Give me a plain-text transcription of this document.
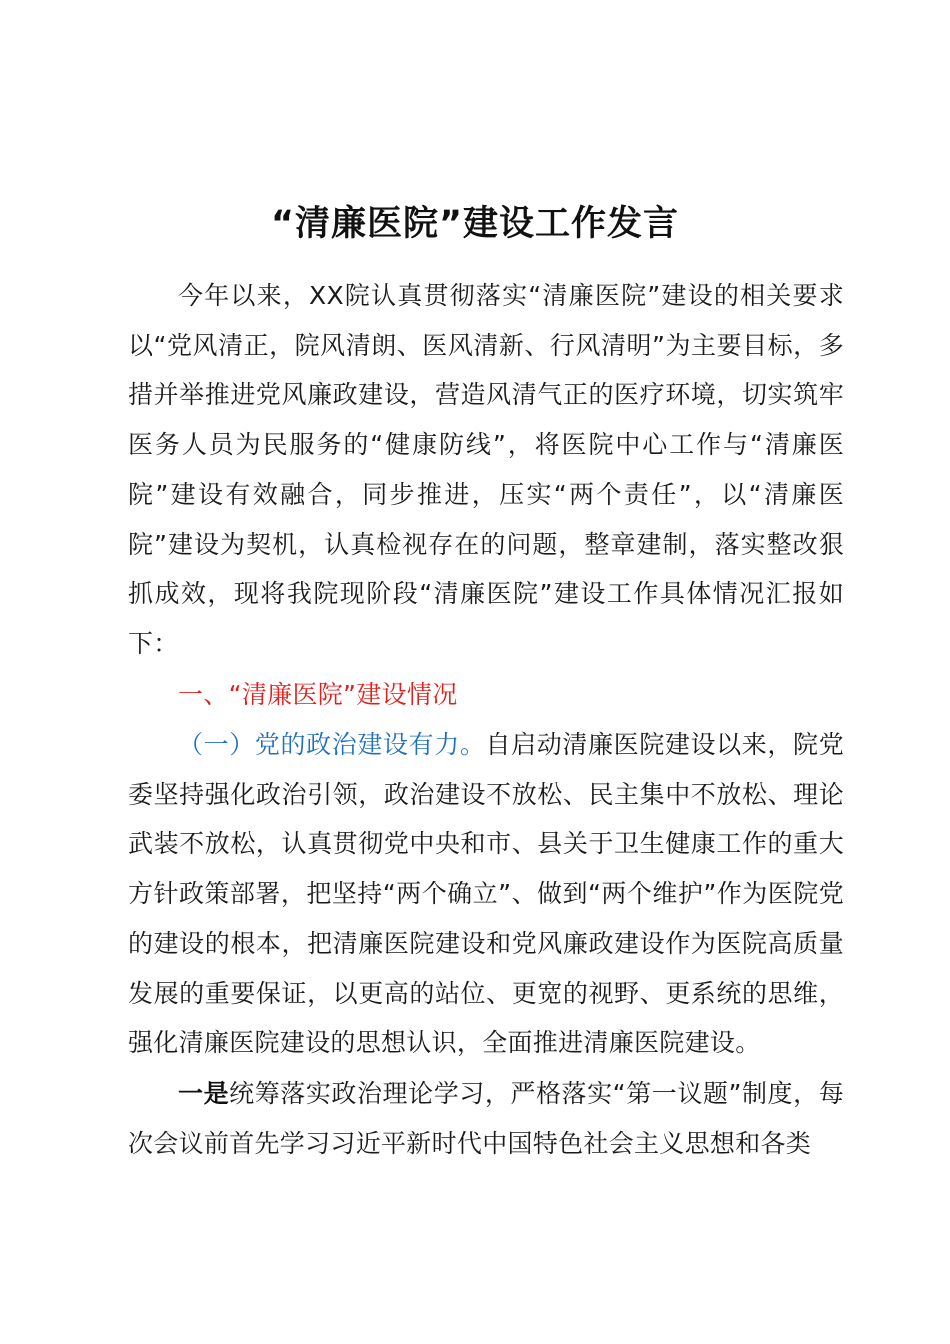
“清廉医院”建设工作发言
今年以来，XX院认真贯彻落实“清廉医院”建设的相关要求以“党风清正，院风清朗、医风清新、行风清明”为主要目标，多措并举推进党风廉政建设，营造风清气正的医疗环境，切实筑牢医务人员为民服务的“健康防线”，将医院中心工作与“清廉医院”建设有效融合，同步推进，压实“两个责任”，以“清廉医院”建设为契机，认真检视存在的问题，整章建制，落实整改狠抓成效，现将我院现阶段“清廉医院”建设工作具体情况汇报如下：
一、“清廉医院”建设情况
（一）党的政治建设有力。自启动清廉医院建设以来，院党委坚持强化政治引领，政治建设不放松、民主集中不放松、理论武装不放松，认真贯彻党中央和市、县关于卫生健康工作的重大方针政策部署，把坚持“两个确立”、做到“两个维护”作为医院党的建设的根本，把清廉医院建设和党风廉政建设作为医院高质量发展的重要保证，以更高的站位、更宽的视野、更系统的思维，强化清廉医院建设的思想认识，全面推进清廉医院建设。
一是统筹落实政治理论学习，严格落实“第一议题”制度，每次会议前首先学习习近平新时代中国特色社会主义思想和各类
